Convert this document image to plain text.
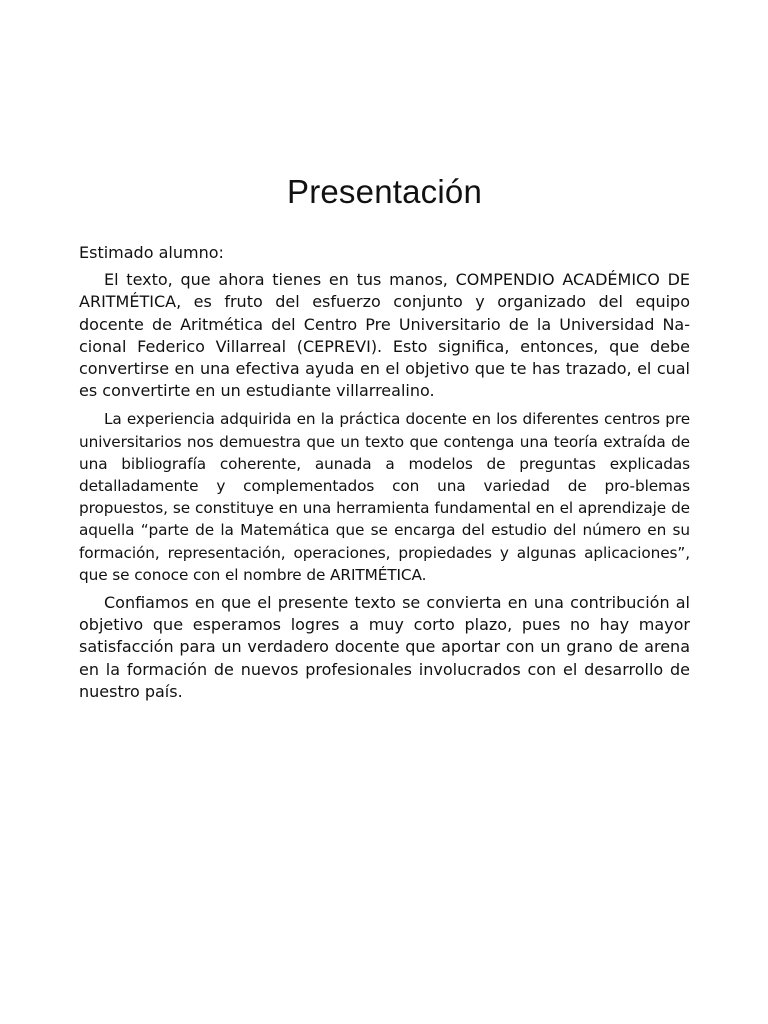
Presentación

Estimado alumno:

El texto, que ahora tienes en tus manos, COMPENDIO ACADÉMICO DE ARITMÉTICA, es fruto del esfuerzo conjunto y organizado del equipo docente de Aritmética del Centro Pre Universitario de la Universidad Na-cional Federico Villarreal (CEPREVI). Esto significa, entonces, que debe convertirse en una efectiva ayuda en el objetivo que te has trazado, el cual es convertirte en un estudiante villarrealino.

La experiencia adquirida en la práctica docente en los diferentes centros pre universitarios nos demuestra que un texto que contenga una teoría extraída de una bibliografía coherente, aunada a modelos de preguntas explicadas detalladamente y complementados con una variedad de pro-blemas propuestos, se constituye en una herramienta fundamental en el aprendizaje de aquella “parte de la Matemática que se encarga del estudio del número en su formación, representación, operaciones, propiedades y algunas aplicaciones”, que se conoce con el nombre de ARITMÉTICA.

Confiamos en que el presente texto se convierta en una contribución al objetivo que esperamos logres a muy corto plazo, pues no hay mayor satisfacción para un verdadero docente que aportar con un grano de arena en la formación de nuevos profesionales involucrados con el desarrollo de nuestro país.
